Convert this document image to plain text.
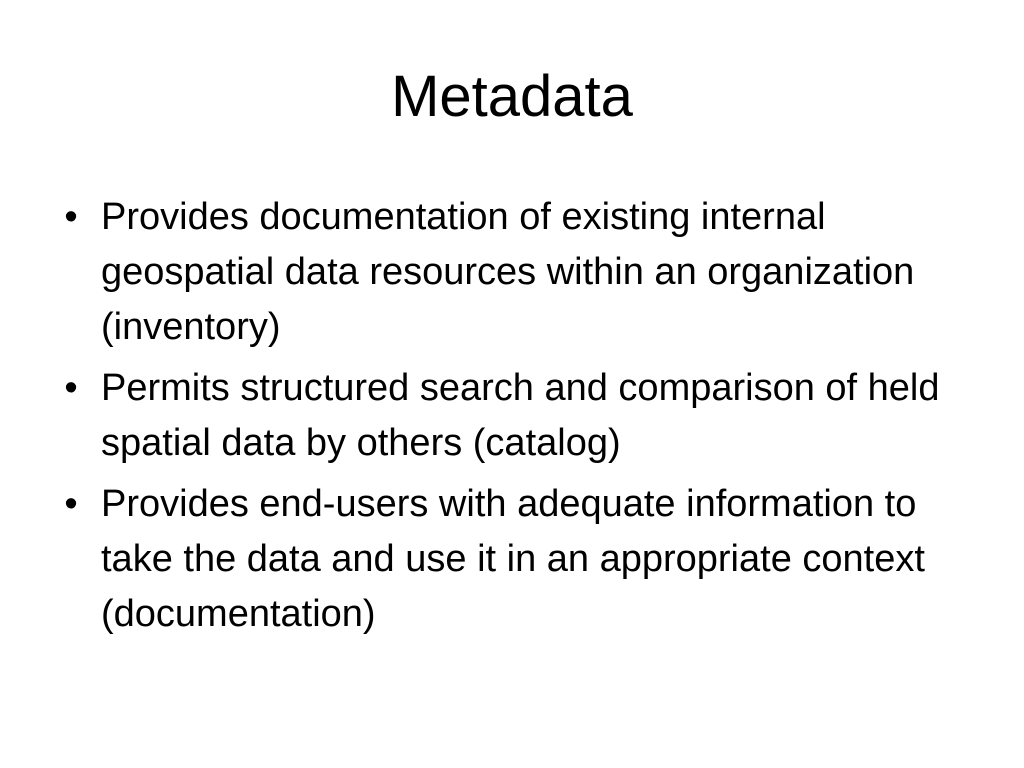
Metadata
• Provides documentation of existing internal geospatial data resources within an organization (inventory)
• Permits structured search and comparison of held spatial data by others (catalog)
• Provides end-users with adequate information to take the data and use it in an appropriate context (documentation)
